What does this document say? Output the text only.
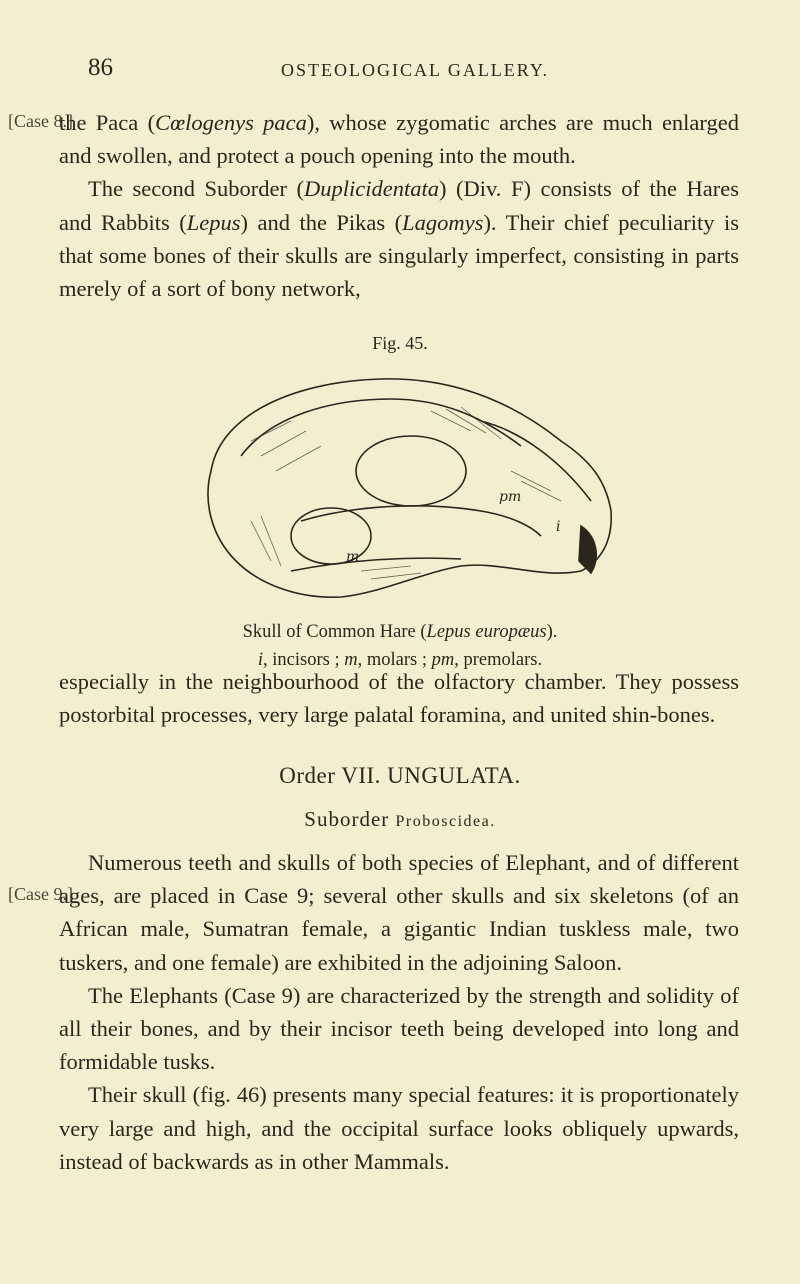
86	OSTEOLOGICAL GALLERY.
[Case 8.]

the Paca (Cœlogenys paca), whose zygomatic arches are much enlarged and swollen, and protect a pouch opening into the mouth.

The second Suborder (Duplicidentata) (Div. F) consists of the Hares and Rabbits (Lepus) and the Pikas (Lagomys). Their chief peculiarity is that some bones of their skulls are singularly imperfect, consisting in parts merely of a sort of bony network,

Fig. 45.
pm
i
m
Skull of Common Hare (Lepus europæus).
i, incisors ; m, molars ; pm, premolars.

especially in the neighbourhood of the olfactory chamber. They possess postorbital processes, very large palatal foramina, and united shin-bones.

Order VII. UNGULATA.
Suborder Proboscidea.
[Case 9.]

Numerous teeth and skulls of both species of Elephant, and of different ages, are placed in Case 9; several other skulls and six skeletons (of an African male, Sumatran female, a gigantic Indian tuskless male, two tuskers, and one female) are exhibited in the adjoining Saloon.

The Elephants (Case 9) are characterized by the strength and solidity of all their bones, and by their incisor teeth being developed into long and formidable tusks.

Their skull (fig. 46) presents many special features: it is proportionately very large and high, and the occipital surface looks obliquely upwards, instead of backwards as in other Mammals.
